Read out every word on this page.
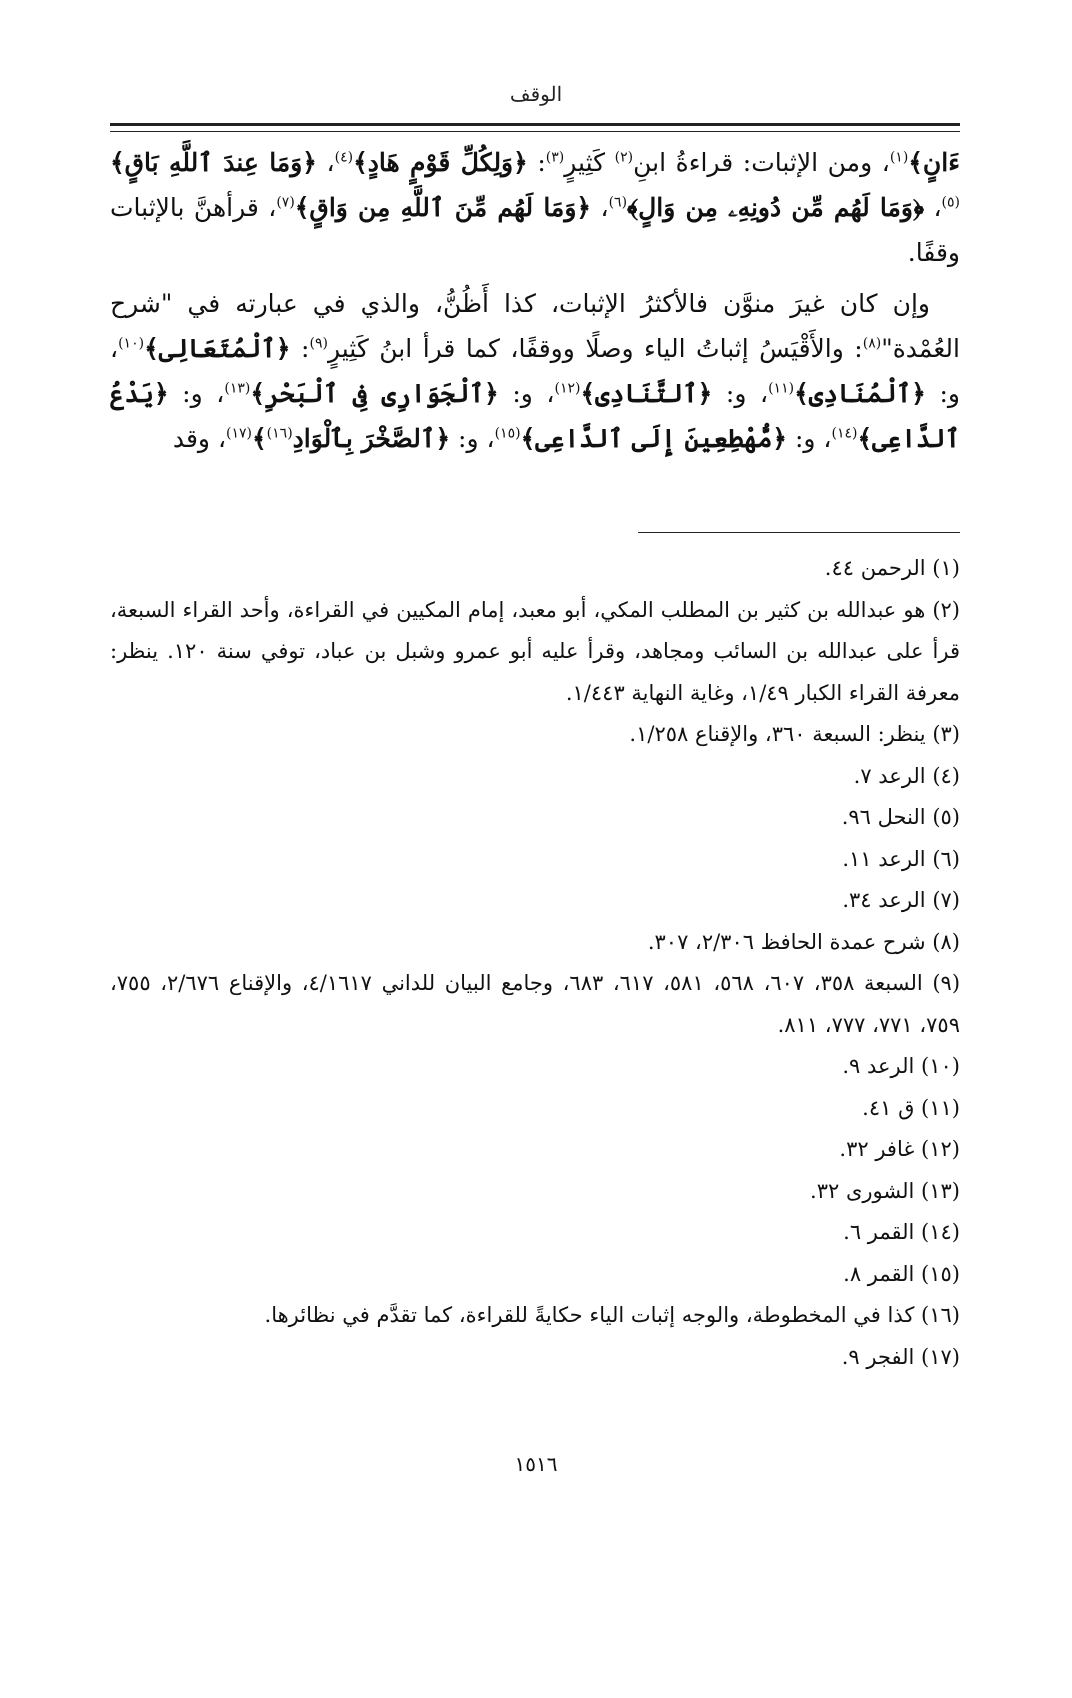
الوقف

ءَانٍ﴾$^{(١)}$، ومن الإثبات: قراءةُ ابنِ$^{(٢)}$ كَثِيرٍ$^{(٣)}$: ﴿وَلِكُلِّ قَوْمٍ هَادٍ﴾$^{(٤)}$، ﴿وَمَا عِندَ ٱللَّهِ بَاقٍ﴾$^{(٥)}$، ﴿وَمَا لَهُم مِّن دُونِهِۦ مِن وَالٍ﴾$^{(٦)}$، ﴿وَمَا لَهُم مِّنَ ٱللَّهِ مِن وَاقٍ﴾$^{(٧)}$، قرأهنَّ بالإثبات وقفًا.

وإن كان غيرَ منوَّن فالأكثرُ الإثبات، كذا أَظُنُّ، والذي في عبارته في "شرح العُمْدة"$^{(٨)}$: والأَقْيَسُ إثباتُ الياء وصلًا ووقفًا، كما قرأ ابنُ كَثِيرٍ$^{(٩)}$: ﴿ٱلْمُتَعَالِى﴾$^{(١٠)}$، و: ﴿ٱلْمُنَادِى﴾$^{(١١)}$، و: ﴿ٱلتَّنَادِى﴾$^{(١٢)}$، و: ﴿ٱلْجَوَارِى فِى ٱلْبَحْرِ﴾$^{(١٣)}$، و: ﴿يَدْعُ ٱلدَّاعِى﴾$^{(١٤)}$، و: ﴿مُّهْطِعِينَ إِلَى ٱلدَّاعِى﴾$^{(١٥)}$، و: ﴿ٱلصَّخْرَ بِٱلْوَادِ$^{(١٦)}$﴾$^{(١٧)}$، وقد

(١) الرحمن ٤٤.
(٢) هو عبدالله بن كثير بن المطلب المكي، أبو معبد، إمام المكيين في القراءة، وأحد القراء السبعة، قرأ على عبدالله بن السائب ومجاهد، وقرأ عليه أبو عمرو وشبل بن عباد، توفي سنة ١٢٠. ينظر: معرفة القراء الكبار ١/٤٩، وغاية النهاية ١/٤٤٣.
(٣) ينظر: السبعة ٣٦٠، والإقناع ١/٢٥٨.
(٤) الرعد ٧.
(٥) النحل ٩٦.
(٦) الرعد ١١.
(٧) الرعد ٣٤.
(٨) شرح عمدة الحافظ ٢/٣٠٦، ٣٠٧.
(٩) السبعة ٣٥٨، ٦٠٧، ٥٦٨، ٥٨١، ٦١٧، ٦٨٣، وجامع البيان للداني ٤/١٦١٧، والإقناع ٢/٦٧٦، ٧٥٥، ٧٥٩، ٧٧١، ٧٧٧، ٨١١.
(١٠) الرعد ٩.
(١١) ق ٤١.
(١٢) غافر ٣٢.
(١٣) الشورى ٣٢.
(١٤) القمر ٦.
(١٥) القمر ٨.
(١٦) كذا في المخطوطة، والوجه إثبات الياء حكايةً للقراءة، كما تقدَّم في نظائرها.
(١٧) الفجر ٩.
١٥١٦
